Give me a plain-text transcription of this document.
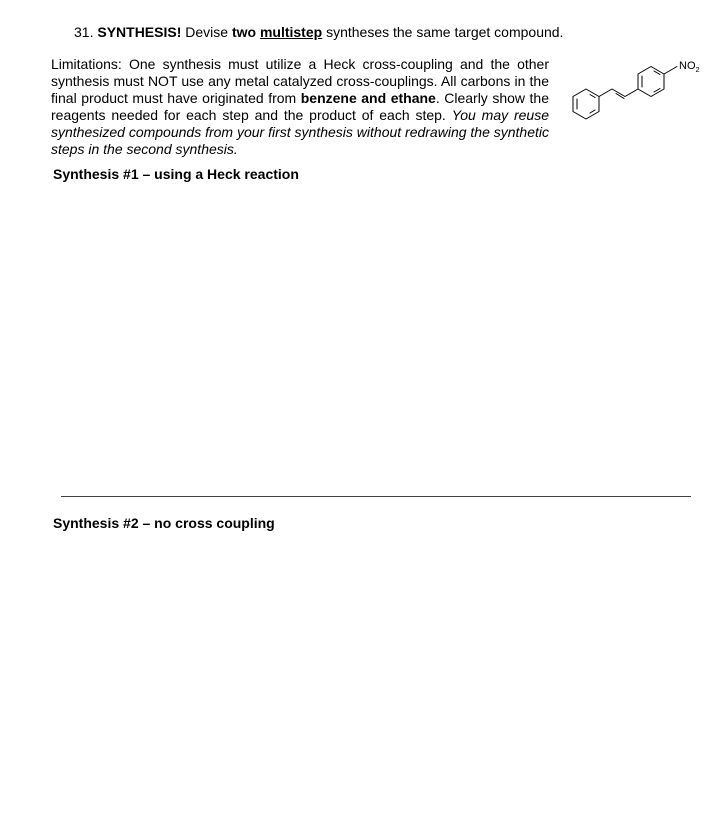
31. SYNTHESIS! Devise two multistep syntheses the same target compound.
Limitations: One synthesis must utilize a Heck cross-coupling and the other synthesis must NOT use any metal catalyzed cross-couplings. All carbons in the final product must have originated from benzene and ethane. Clearly show the reagents needed for each step and the product of each step. You may reuse synthesized compounds from your first synthesis without redrawing the synthetic steps in the second synthesis.
$NO_2$
Synthesis #1 – using a Heck reaction
Synthesis #2 – no cross coupling
